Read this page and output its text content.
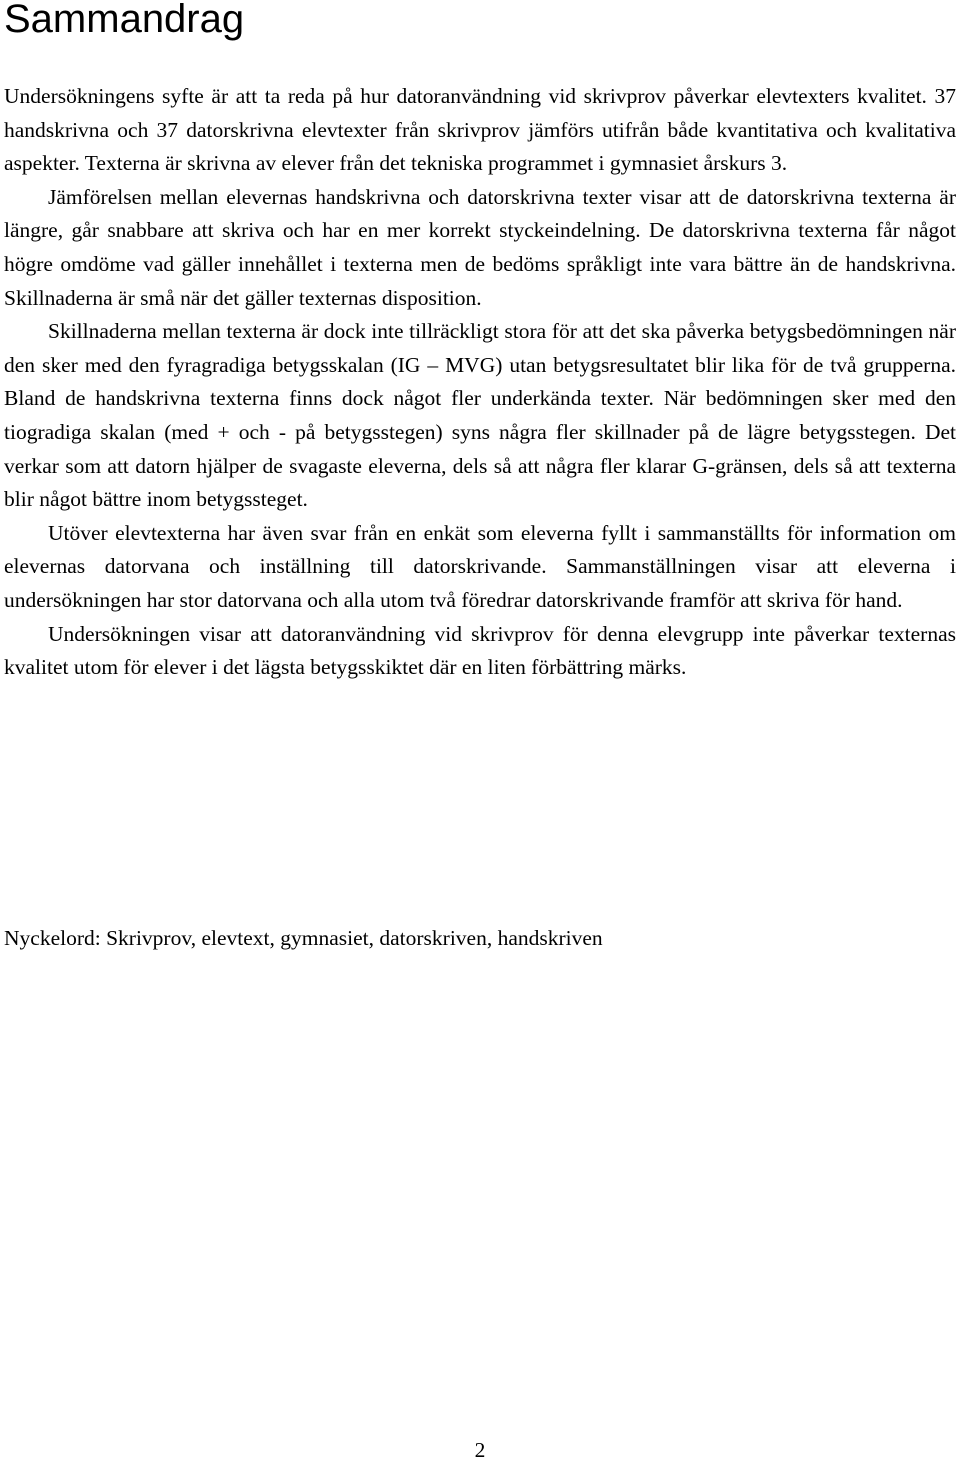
Sammandrag

Undersökningens syfte är att ta reda på hur datoranvändning vid skrivprov påverkar elevtexters kvalitet. 37 handskrivna och 37 datorskrivna elevtexter från skrivprov jämförs utifrån både kvantitativa och kvalitativa aspekter. Texterna är skrivna av elever från det tekniska programmet i gymnasiet årskurs 3.

Jämförelsen mellan elevernas handskrivna och datorskrivna texter visar att de datorskrivna texterna är längre, går snabbare att skriva och har en mer korrekt styckeindelning. De datorskrivna texterna får något högre omdöme vad gäller innehållet i texterna men de bedöms språkligt inte vara bättre än de handskrivna. Skillnaderna är små när det gäller texternas disposition.

Skillnaderna mellan texterna är dock inte tillräckligt stora för att det ska påverka betygsbedömningen när den sker med den fyragradiga betygsskalan (IG – MVG) utan betygsresultatet blir lika för de två grupperna. Bland de handskrivna texterna finns dock något fler underkända texter. När bedömningen sker med den tiogradiga skalan (med + och - på betygsstegen) syns några fler skillnader på de lägre betygsstegen. Det verkar som att datorn hjälper de svagaste eleverna, dels så att några fler klarar G-gränsen, dels så att texterna blir något bättre inom betygssteget.

Utöver elevtexterna har även svar från en enkät som eleverna fyllt i sammanställts för information om elevernas datorvana och inställning till datorskrivande. Sammanställningen visar att eleverna i undersökningen har stor datorvana och alla utom två föredrar datorskrivande framför att skriva för hand.

Undersökningen visar att datoranvändning vid skrivprov för denna elevgrupp inte påverkar texternas kvalitet utom för elever i det lägsta betygsskiktet där en liten förbättring märks.

Nyckelord: Skrivprov, elevtext, gymnasiet, datorskriven, handskriven
2
